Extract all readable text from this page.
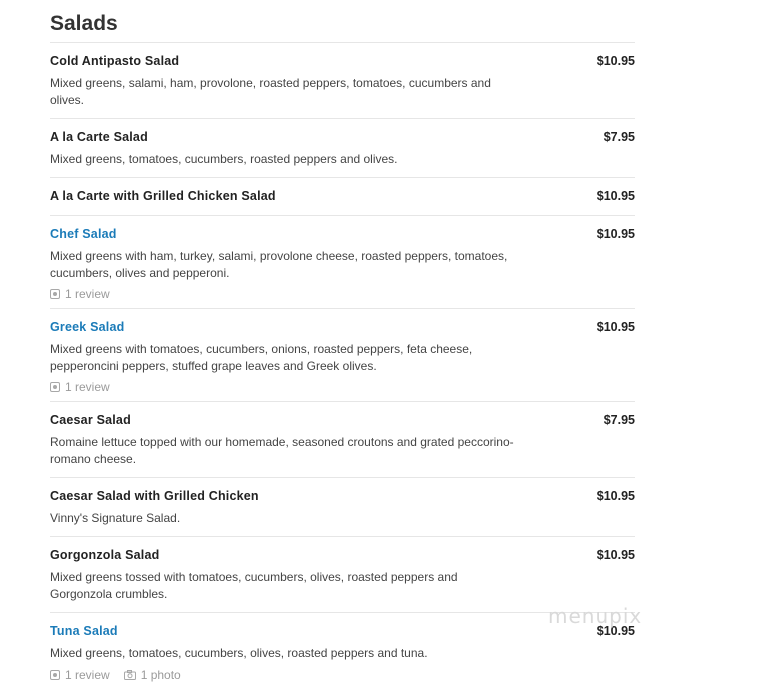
Salads
Cold Antipasto Salad	$10.95
Mixed greens, salami, ham, provolone, roasted peppers, tomatoes, cucumbers and olives.
A la Carte Salad	$7.95
Mixed greens, tomatoes, cucumbers, roasted peppers and olives.
A la Carte with Grilled Chicken Salad	$10.95
Chef Salad	$10.95
Mixed greens with ham, turkey, salami, provolone cheese, roasted peppers, tomatoes, cucumbers, olives and pepperoni.
1 review
Greek Salad	$10.95
Mixed greens with tomatoes, cucumbers, onions, roasted peppers, feta cheese, pepperoncini peppers, stuffed grape leaves and Greek olives.
1 review
Caesar Salad	$7.95
Romaine lettuce topped with our homemade, seasoned croutons and grated peccorino-romano cheese.
Caesar Salad with Grilled Chicken	$10.95
Vinny's Signature Salad.
Gorgonzola Salad	$10.95
Mixed greens tossed with tomatoes, cucumbers, olives, roasted peppers and Gorgonzola crumbles.
Tuna Salad	$10.95
Mixed greens, tomatoes, cucumbers, olives, roasted peppers and tuna.
1 review	1 photo
menupix
